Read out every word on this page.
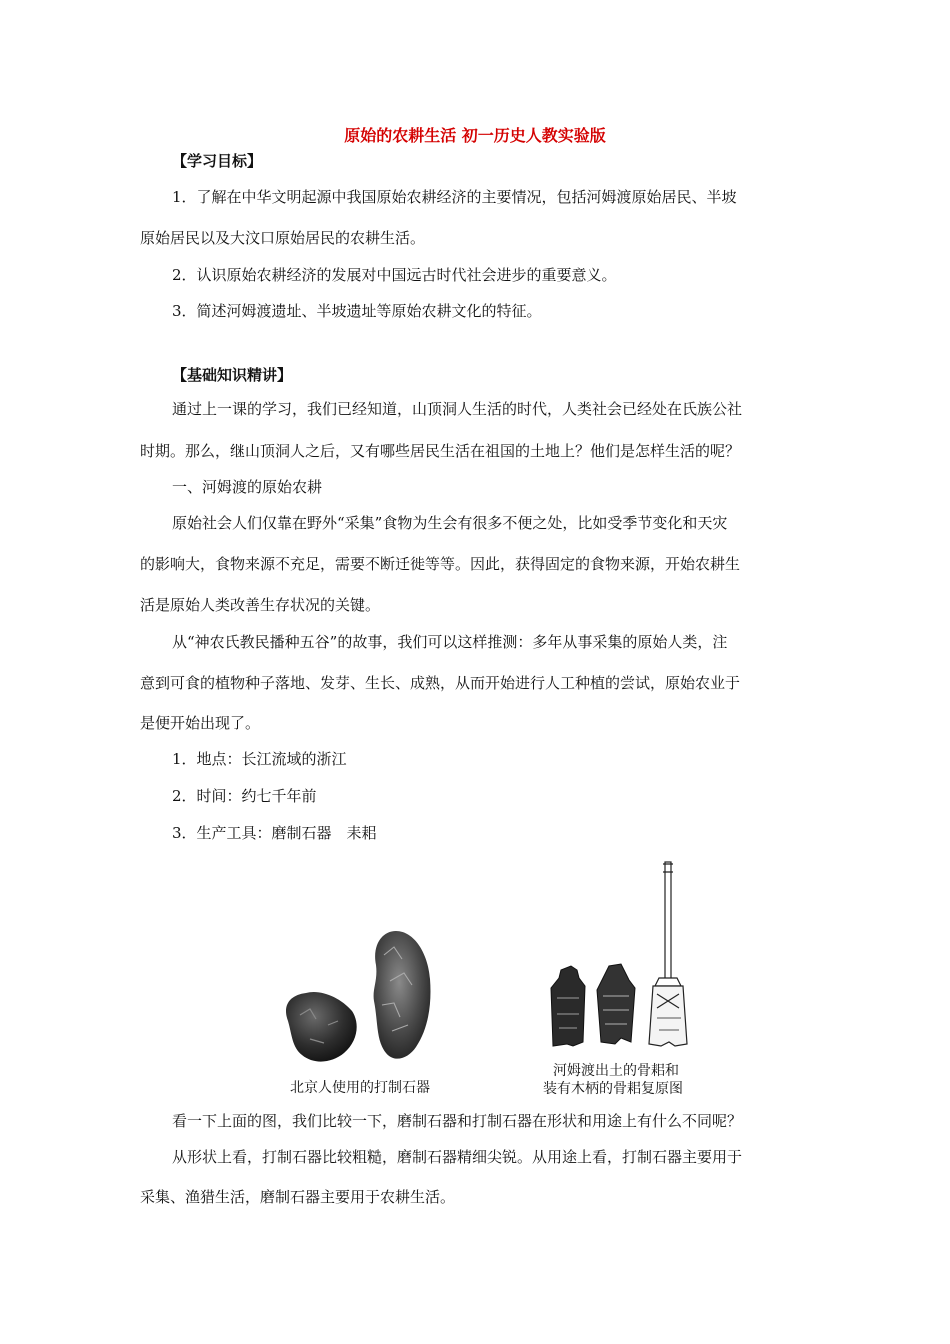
原始的农耕生活 初一历史人教实验版
【学习目标】
1．了解在中华文明起源中我国原始农耕经济的主要情况，包括河姆渡原始居民、半坡
原始居民以及大汶口原始居民的农耕生活。
2．认识原始农耕经济的发展对中国远古时代社会进步的重要意义。
3．简述河姆渡遗址、半坡遗址等原始农耕文化的特征。
【基础知识精讲】
通过上一课的学习，我们已经知道，山顶洞人生活的时代，人类社会已经处在氏族公社
时期。那么，继山顶洞人之后，又有哪些居民生活在祖国的土地上？他们是怎样生活的呢？
一、河姆渡的原始农耕
原始社会人们仅靠在野外“采集”食物为生会有很多不便之处，比如受季节变化和天灾
的影响大，食物来源不充足，需要不断迁徙等等。因此，获得固定的食物来源，开始农耕生
活是原始人类改善生存状况的关键。
从“神农氏教民播种五谷”的故事，我们可以这样推测：多年从事采集的原始人类，注
意到可食的植物种子落地、发芽、生长、成熟，从而开始进行人工种植的尝试，原始农业于
是便开始出现了。
1．地点：长江流域的浙江
2．时间：约七千年前
3．生产工具：磨制石器　耒耜
北京人使用的打制石器
河姆渡出土的骨耜和
装有木柄的骨耜复原图
看一下上面的图，我们比较一下，磨制石器和打制石器在形状和用途上有什么不同呢？
从形状上看，打制石器比较粗糙，磨制石器精细尖锐。从用途上看，打制石器主要用于
采集、渔猎生活，磨制石器主要用于农耕生活。
